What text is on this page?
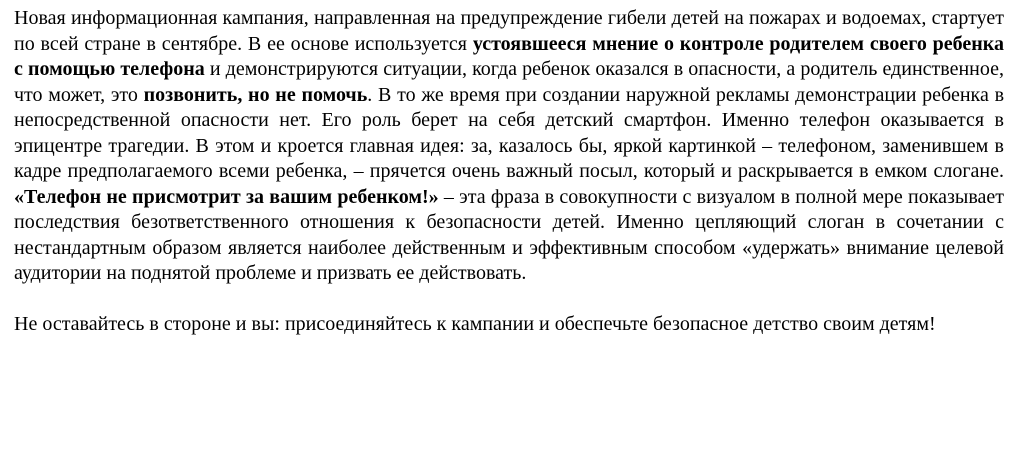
Новая информационная кампания, направленная на предупреждение гибели детей на пожарах и водоемах, стартует по всей стране в сентябре. В ее основе используется устоявшееся мнение о контроле родителем своего ребенка с помощью телефона и демонстрируются ситуации, когда ребенок оказался в опасности, а родитель единственное, что может, это позвонить, но не помочь. В то же время при создании наружной рекламы демонстрации ребенка в непосредственной опасности нет. Его роль берет на себя детский смартфон. Именно телефон оказывается в эпицентре трагедии. В этом и кроется главная идея: за, казалось бы, яркой картинкой – телефоном, заменившем в кадре предполагаемого всеми ребенка, – прячется очень важный посыл, который и раскрывается в емком слогане. «Телефон не присмотрит за вашим ребенком!» – эта фраза в совокупности с визуалом в полной мере показывает последствия безответственного отношения к безопасности детей. Именно цепляющий слоган в сочетании с нестандартным образом является наиболее действенным и эффективным способом «удержать» внимание целевой аудитории на поднятой проблеме и призвать ее действовать.

Не оставайтесь в стороне и вы: присоединяйтесь к кампании и обеспечьте безопасное детство своим детям!
